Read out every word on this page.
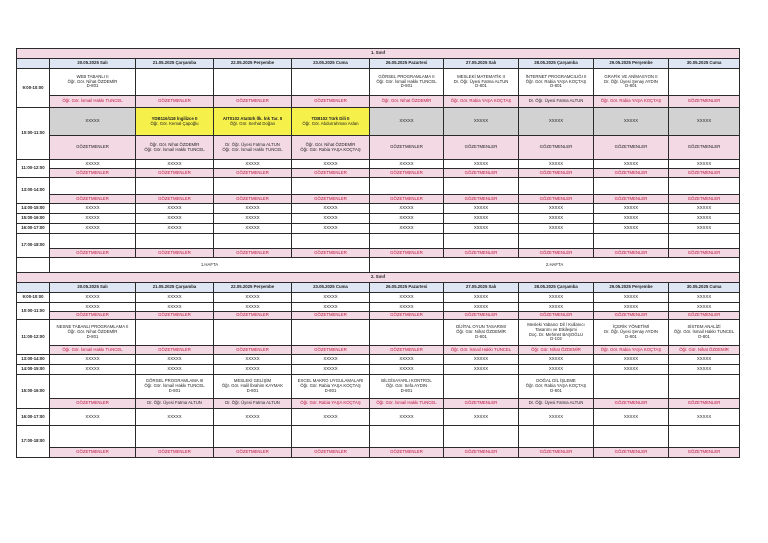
1. Sınıf									
	20.05.2025 Salı	21.05.2025 Çarşamba	22.05.2025 Perşembe	23.05.2025 Cuma	26.05.2025 Pazartesi	27.05.2025 Salı	28.05.2025 Çarşamba	29.05.2025 Perşembe	30.05.2025 Cuma
9:00-10:00	WEB TABANLI II
Öğr. Gör. Nihat ÖZDEMİR
D-801				GÖRSEL PROGRAMLAMA II
Öğr. Gör. İsmail Hakkı TUNCEL
D-801	MESLEKİ MATEMATİK II
Dr. Öğr. Üyesi Fatma ALTUN
D-801	İNTERNET PROGRAMCILIĞI II
Öğr. Gör. Rabia YAŞA KOÇTAŞ
D-801	GRAFİK VE ANİMASYON II
Dr. Öğr. Üyesi Şenay AYDIN
D-801	
	Öğr. Gör. İsmail Hakkı TUNCEL	GÖZETMENLER	GÖZETMENLER	GÖZETMENLER	Öğr. Gör. Nihat ÖZDEMİR	Öğr. Gör. Rabia YAŞA KOÇTAŞ	Dr. Öğr. Üyesi Fatma ALTUN	Öğr. Gör. Rabia YAŞA KOÇTAŞ	GÖZETMENLER
10:00-11:00	XXXXX	YDB116/118 İngilizce II
Öğr. Gör. Kemal Çapoğlu	AIT0102 Atatürk İlk. İnk Tar. II
Öğr. Gör. Serhat Doğan	TDB102 Türk Dili II
Öğr. Gör. Abdurrahman Aslan	XXXXX	XXXXX	XXXXX	XXXXX	XXXXX
	GÖZETMENLER	Öğr. Gör. Nihat ÖZDEMİR
Öğr. Gör. İsmail Hakkı TUNCEL	Dr. Öğr. Üyesi Fatma ALTUN
Öğr. Gör. İsmail Hakkı TUNCEL	Öğr. Gör. Nihat ÖZDEMİR
Öğr. Gör. Rabia YAŞA KOÇTAŞ	GÖZETMENLER	GÖZETMENLER	GÖZETMENLER	GÖZETMENLER	GÖZETMENLER
11:00-12:00	XXXXX	XXXXX	XXXXX	XXXXX	XXXXX	XXXXX	XXXXX	XXXXX	XXXXX
	GÖZETMENLER	GÖZETMENLER	GÖZETMENLER	GÖZETMENLER	GÖZETMENLER	GÖZETMENLER	GÖZETMENLER	GÖZETMENLER	GÖZETMENLER
13:00-14:00									
	GÖZETMENLER	GÖZETMENLER	GÖZETMENLER	GÖZETMENLER	GÖZETMENLER	GÖZETMENLER	GÖZETMENLER	GÖZETMENLER	GÖZETMENLER
14:00-15:00	XXXXX	XXXXX	XXXXX	XXXXX	XXXXX	XXXXX	XXXXX	XXXXX	XXXXX
15:00-16:00	XXXXX	XXXXX	XXXXX	XXXXX	XXXXX	XXXXX	XXXXX	XXXXX	XXXXX
16:00-17:00	XXXXX	XXXXX	XXXXX	XXXXX	XXXXX	XXXXX	XXXXX	XXXXX	XXXXX
17:00-18:00									
	GÖZETMENLER	GÖZETMENLER	GÖZETMENLER	GÖZETMENLER	GÖZETMENLER	GÖZETMENLER	GÖZETMENLER	GÖZETMENLER	GÖZETMENLER
	1.HAFTA				2.HAFTA				
2. Sınıf									
	20.05.2025 Salı	21.05.2025 Çarşamba	22.05.2025 Perşembe	23.05.2025 Cuma	26.05.2025 Pazartesi	27.05.2025 Salı	28.05.2025 Çarşamba	29.05.2025 Perşembe	30.05.2025 Cuma
9:00-10:00	XXXXX	XXXXX	XXXXX	XXXXX	XXXXX	XXXXX	XXXXX	XXXXX	XXXXX
10:00-11:00	XXXXX	XXXXX	XXXXX	XXXXX	XXXXX	XXXXX	XXXXX	XXXXX	XXXXX
	GÖZETMENLER	GÖZETMENLER	GÖZETMENLER	GÖZETMENLER	GÖZETMENLER	GÖZETMENLER	GÖZETMENLER	GÖZETMENLER	GÖZETMENLER
11:00-12:00	NESNE TABANLI PROGRAMLAMA II
Öğr. Gör. Nihat ÖZDEMİR
D-801					DİJİTAL OYUN TASARIMI
Öğr. Gör. Nihat ÖZDEMİR
D-801	Mesleki Yabancı Dil / Kullanıcı Tasarımı ve Etkileşimi
Doç. Dr. Mehmet BAŞOĞLU
D-102	İÇERİK YÖNETİMİ
Dr. Öğr. Üyesi Şenay AYDIN
D-801	SİSTEM ANALİZİ
Öğr. Gör. İsmail Hakkı TUNCEL
D-801
	Öğr. Gör. İsmail Hakkı TUNCEL	GÖZETMENLER	GÖZETMENLER	GÖZETMENLER	GÖZETMENLER	Öğr. Gör. İsmail Hakkı TUNCEL	Öğr. Gör. Nihat ÖZDEMİR	Öğr. Gör. Rabia YAŞA KOÇTAŞ	Öğr. Gör. Nihat ÖZDEMİR
13:00-14:00	XXXXX	XXXXX	XXXXX	XXXXX	XXXXX	XXXXX	XXXXX	XXXXX	XXXXX
14:00-15:00	XXXXX	XXXXX	XXXXX	XXXXX	XXXXX	XXXXX	XXXXX	XXXXX	XXXXX
15:00-16:00		GÖRSEL PROGRAMLAMA III
Öğr. Gör. İsmail Hakkı TUNCEL
D-801	MESLEKİ GELİŞİM
Öğr. Gör. Halil İbrahim KAYMAK
D-801	EXCEL MAKRO UYGULAMALARI
Öğr. Gör. Rabia YAŞA KOÇTAŞ
D-801	BİLGİSAYARLI KONTROL
Öğr. Gör. Sefa AYDIN
D-801		DOĞAL DİL İŞLEME
Öğr. Gör. Rabia YAŞA KOÇTAŞ
D-801		
	GÖZETMENLER	Dr. Öğr. Üyesi Fatma ALTUN	Dr. Öğr. Üyesi Fatma ALTUN	Öğr. Gör. Rabia YAŞA KOÇTAŞ	Öğr. Gör. İsmail Hakkı TUNCEL	GÖZETMENLER	Dr. Öğr. Üyesi Fatma ALTUN	GÖZETMENLER	GÖZETMENLER
16:00-17:00	XXXXX	XXXXX	XXXXX	XXXXX	XXXXX	XXXXX	XXXXX	XXXXX	XXXXX
17:00-18:00									
	GÖZETMENLER	GÖZETMENLER	GÖZETMENLER	GÖZETMENLER	GÖZETMENLER	GÖZETMENLER	GÖZETMENLER	GÖZETMENLER	GÖZETMENLER
